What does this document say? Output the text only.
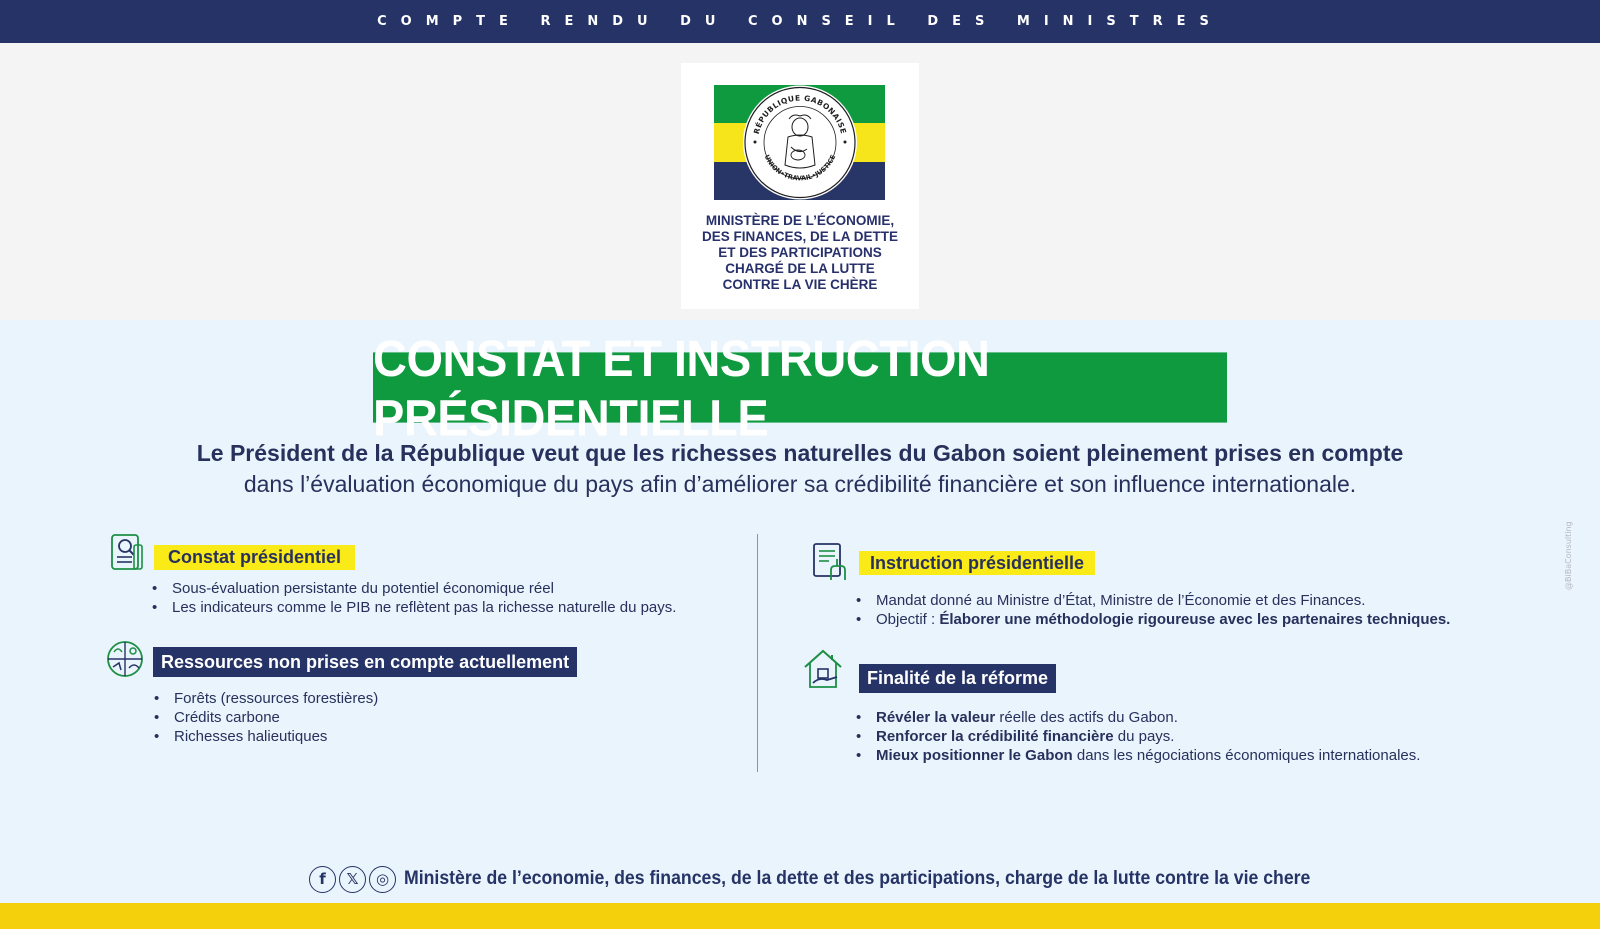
COMPTE RENDU DU CONSEIL DES MINISTRES
RÉPUBLIQUE GABONAISE
UNION•TRAVAIL•JUSTICE
MINISTÈRE DE L’ÉCONOMIE,
DES FINANCES, DE LA DETTE
ET DES PARTICIPATIONS
CHARGÉ DE LA LUTTE
CONTRE LA VIE CHÈRE
CONSTAT ET INSTRUCTION PRÉSIDENTIELLE
Le Président de la République veut que les richesses naturelles du Gabon soient pleinement prises en compte
dans l’évaluation économique du pays afin d’améliorer sa crédibilité financière et son influence internationale.
Constat présidentiel
• Sous-évaluation persistante du potentiel économique réel
• Les indicateurs comme le PIB ne reflètent pas la richesse naturelle du pays.
Ressources non prises en compte actuellement
• Forêts (ressources forestières)
• Crédits carbone
• Richesses halieutiques
Instruction présidentielle
• Mandat donné au Ministre d’État, Ministre de l’Économie et des Finances.
• Objectif : Élaborer une méthodologie rigoureuse avec les partenaires techniques.
Finalité de la réforme
• Révéler la valeur réelle des actifs du Gabon.
• Renforcer la crédibilité financière du pays.
• Mieux positionner le Gabon dans les négociations économiques internationales.
@BiBaConsulting
f	𝕏	◎ Ministère de l’economie, des finances, de la dette et des participations, charge de la lutte contre la vie chere
